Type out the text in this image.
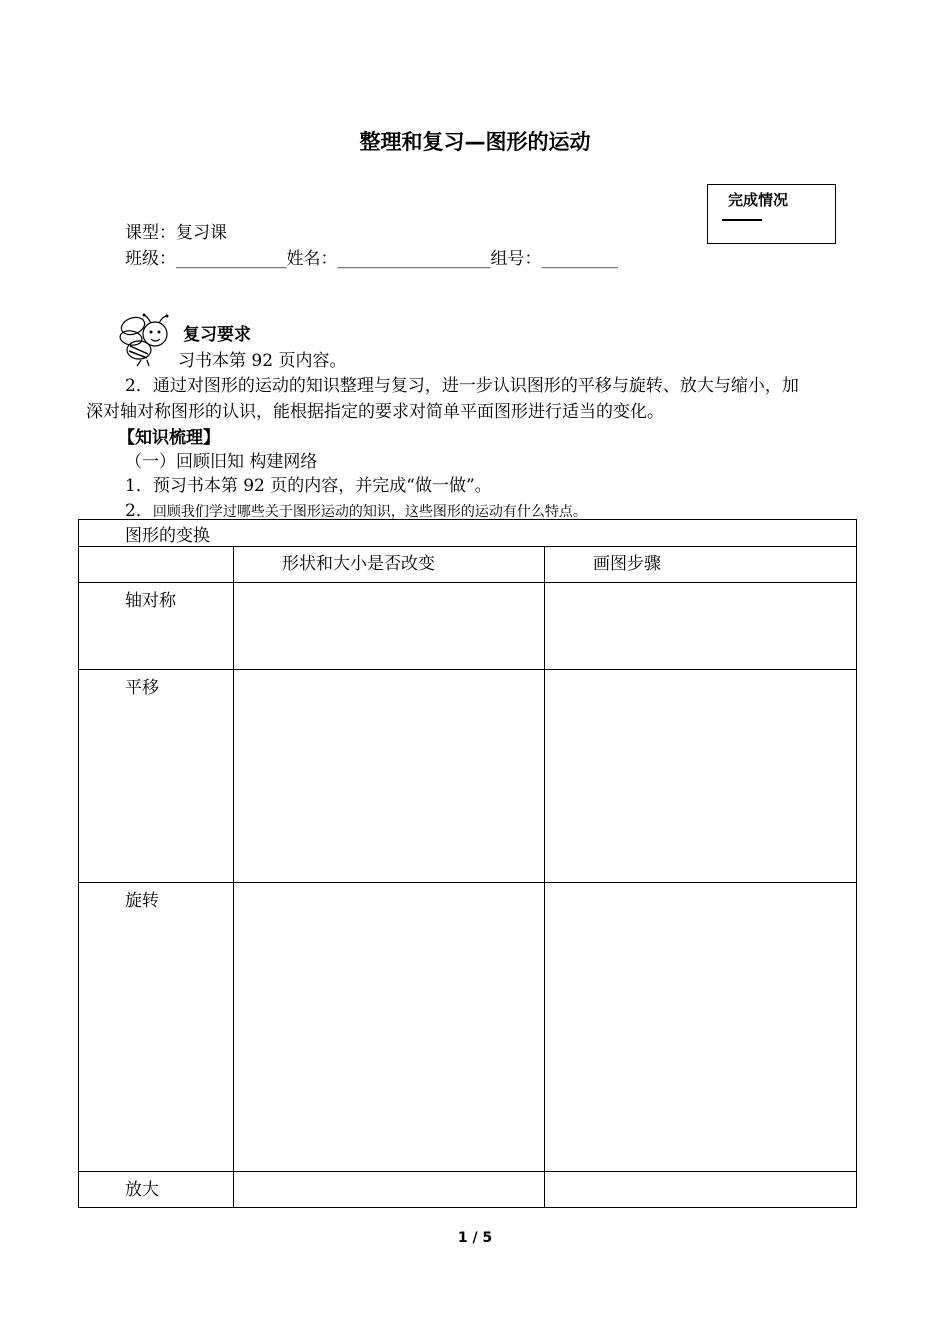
整理和复习—图形的运动
完成情况
课型：复习课
班级：_____________姓名：__________________组号：_________
复习要求
习书本第 92 页内容。
2．通过对图形的运动的知识整理与复习，进一步认识图形的平移与旋转、放大与缩小，加
深对轴对称图形的认识，能根据指定的要求对简单平面图形进行适当的变化。
【知识梳理】
（一）回顾旧知 构建网络
1．预习书本第 92 页的内容，并完成“做一做”。
2．回顾我们学过哪些关于图形运动的知识，这些图形的运动有什么特点。
图形的变换		

	形状和大小是否改变	画图步骤

轴对称		

平移		

旋转		

放大		

1 / 5
